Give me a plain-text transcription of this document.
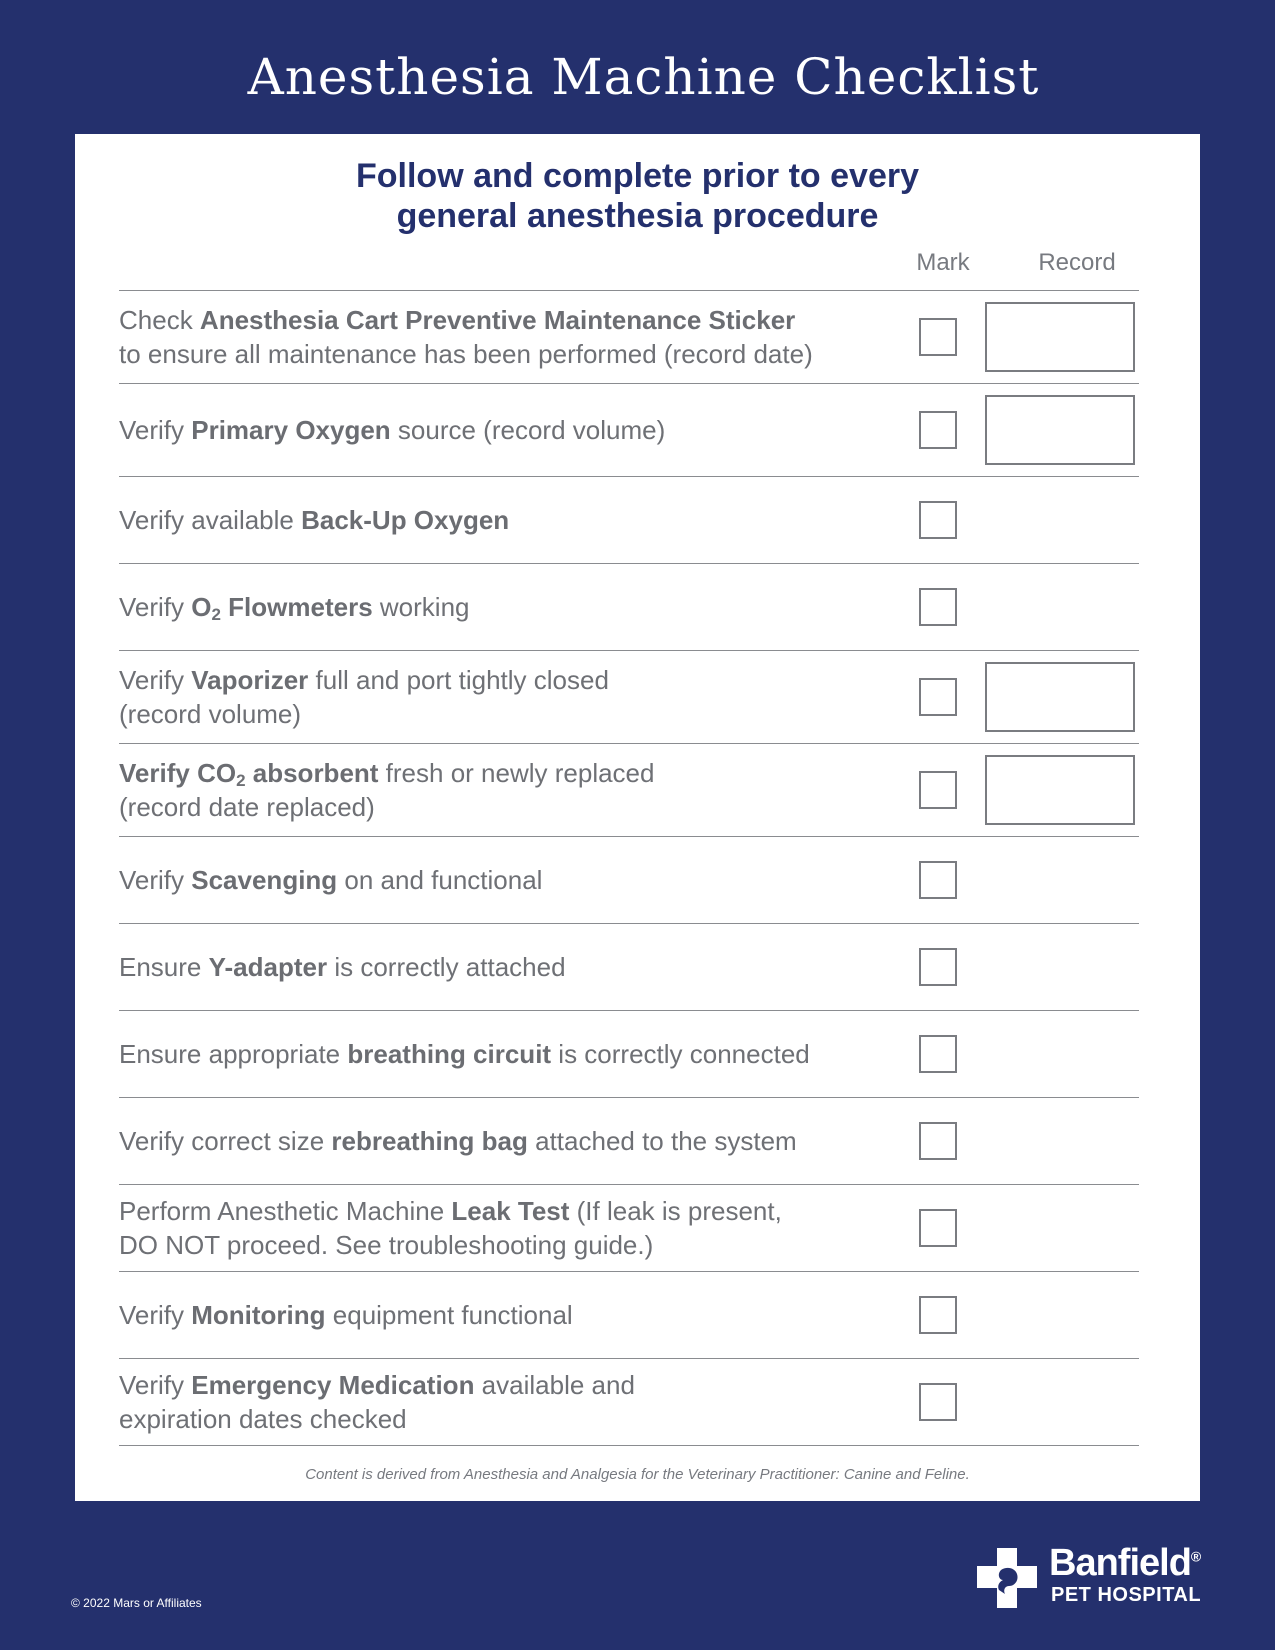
Anesthesia Machine Checklist
Follow and complete prior to every
general anesthesia procedure
Mark	Record
Check Anesthesia Cart Preventive Maintenance Sticker
to ensure all maintenance has been performed (record date)
Verify Primary Oxygen source (record volume)
Verify available Back-Up Oxygen
Verify $O_2$ Flowmeters working
Verify Vaporizer full and port tightly closed
(record volume)
Verify $CO_2$ absorbent fresh or newly replaced
(record date replaced)
Verify Scavenging on and functional
Ensure Y-adapter is correctly attached
Ensure appropriate breathing circuit is correctly connected
Verify correct size rebreathing bag attached to the system
Perform Anesthetic Machine Leak Test (If leak is present,
DO NOT proceed. See troubleshooting guide.)
Verify Monitoring equipment functional
Verify Emergency Medication available and
expiration dates checked
Content is derived from Anesthesia and Analgesia for the Veterinary Practitioner: Canine and Feline.
© 2022 Mars or Affiliates
Banfield®
PET HOSPITAL
